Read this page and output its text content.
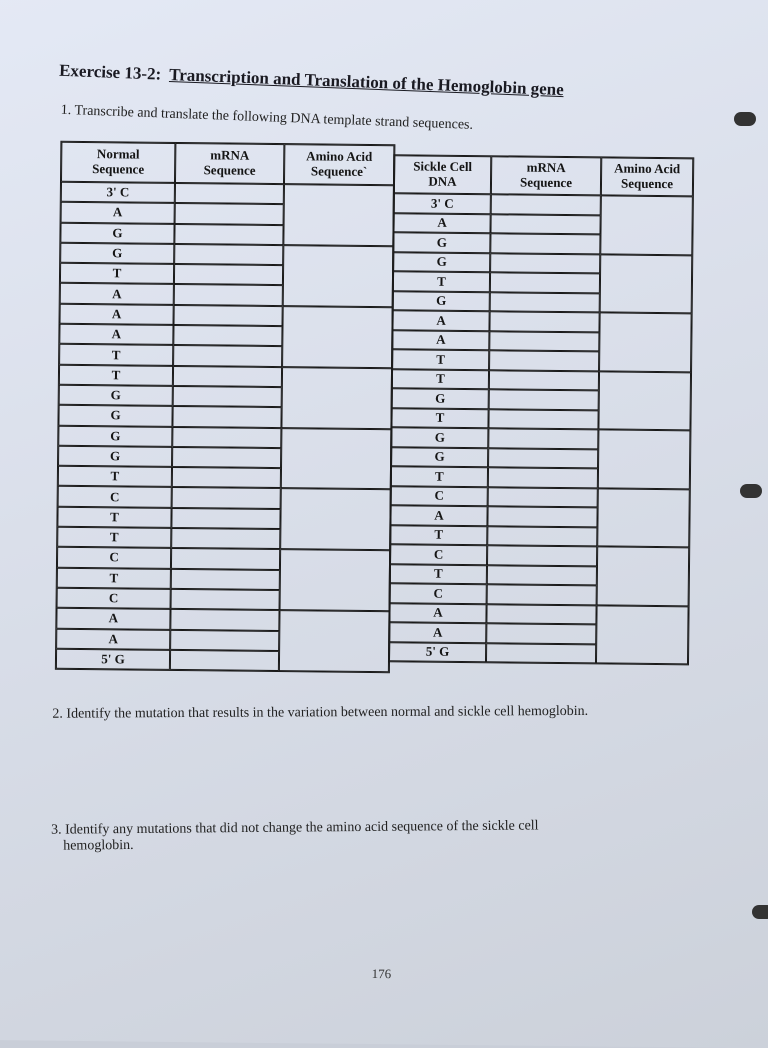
Exercise 13-2: Transcription and Translation of the Hemoglobin gene
1. Transcribe and translate the following DNA template strand sequences.
Normal
Sequence
mRNA
Sequence
Amino Acid
Sequence`
3' C
A
G
G
T
A
A
A
T
T
G
G
G
G
T
C
T
T
C
T
C
A
A
5' G
Sickle Cell
DNA
mRNA
Sequence
Amino Acid
Sequence
3' C
A
G
G
T
G
A
A
T
T
G
T
G
G
T
C
A
T
C
T
C
A
A
5' G
2. Identify the mutation that results in the variation between normal and sickle cell hemoglobin.
3. Identify any mutations that did not change the amino acid sequence of the sickle cell
hemoglobin.
176
